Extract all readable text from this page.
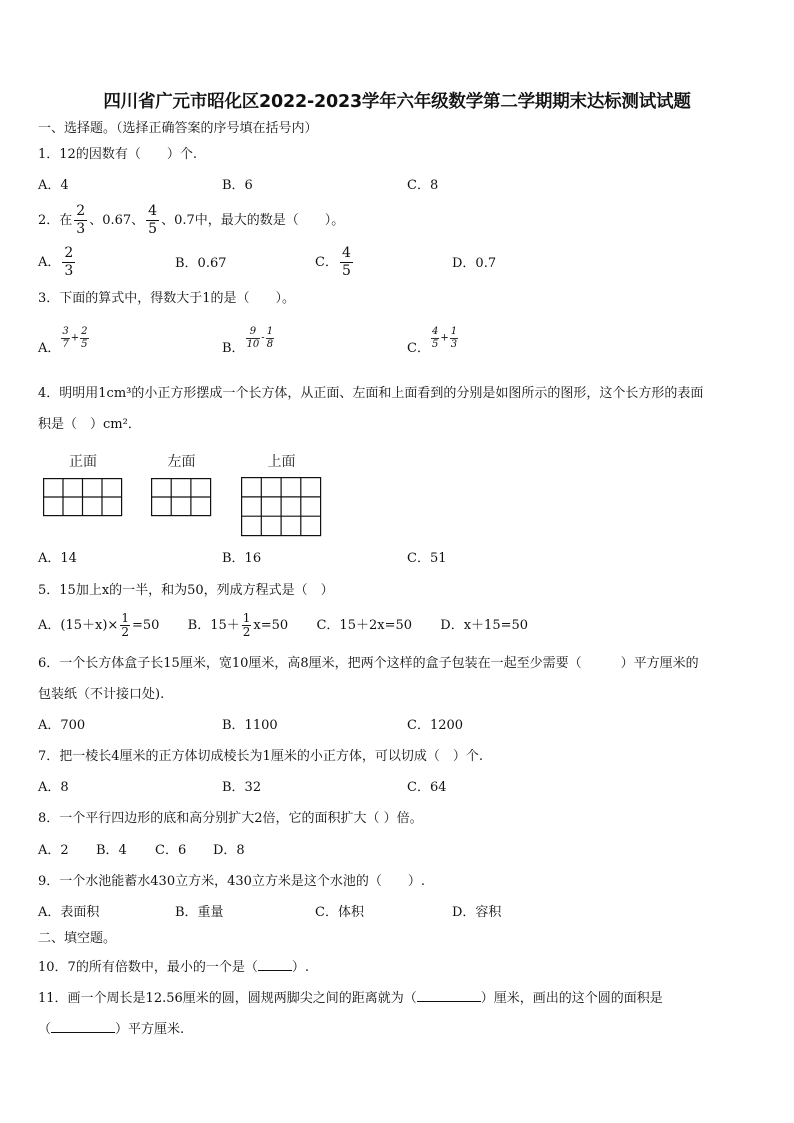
四川省广元市昭化区2022-2023学年六年级数学第二学期期末达标测试试题
一、选择题。（选择正确答案的序号填在括号内）
1．12的因数有（　　）个.
A．4	B．6	C．8
2．在 $\frac{2}{3}$ 、0.67、 $\frac{4}{5}$ 、0.7中，最大的数是（　　）。
A． $\frac{2}{3}$	B．0.67	C． $\frac{4}{5}$	D．0.7
3．下面的算式中，得数大于1的是（　　）。
A． $\frac{3}{7} + \frac{2}{5}$	B． $\frac{9}{10} - \frac{1}{8}$	C． $\frac{4}{5} + \frac{1}{3}$
4．明明用1cm³的小正方形摆成一个长方体，从正面、左面和上面看到的分别是如图所示的图形，这个长方形的表面
积是（　）cm²．
正面	左面	上面
A．14	B．16	C．51
5．15加上x的一半，和为50，列成方程式是（　）
A．$(15+x)\times \frac{1}{2} =50$ B．$15+ \frac{1}{2} x=50$ C．15＋2x=50 D．x＋15=50
6．一个长方体盒子长15厘米，宽10厘米，高8厘米，把两个这样的盒子包装在一起至少需要（　　　）平方厘米的
包装纸（不计接口处).
A．700	B．1100	C．1200
7．把一棱长4厘米的正方体切成棱长为1厘米的小正方体，可以切成（　）个.
A．8	B．32	C．64
8．一个平行四边形的底和高分别扩大2倍，它的面积扩大（ ）倍。
A．2 B．4 C．6 D．8
9．一个水池能蓄水430立方米，430立方米是这个水池的（　　）.
A．表面积	B．重量	C．体积	D．容积
二、填空题。
10．7的所有倍数中，最小的一个是（	）.
11．画一个周长是12.56厘米的圆，圆规两脚尖之间的距离就为（	）厘米，画出的这个圆的面积是
（	）平方厘米.
